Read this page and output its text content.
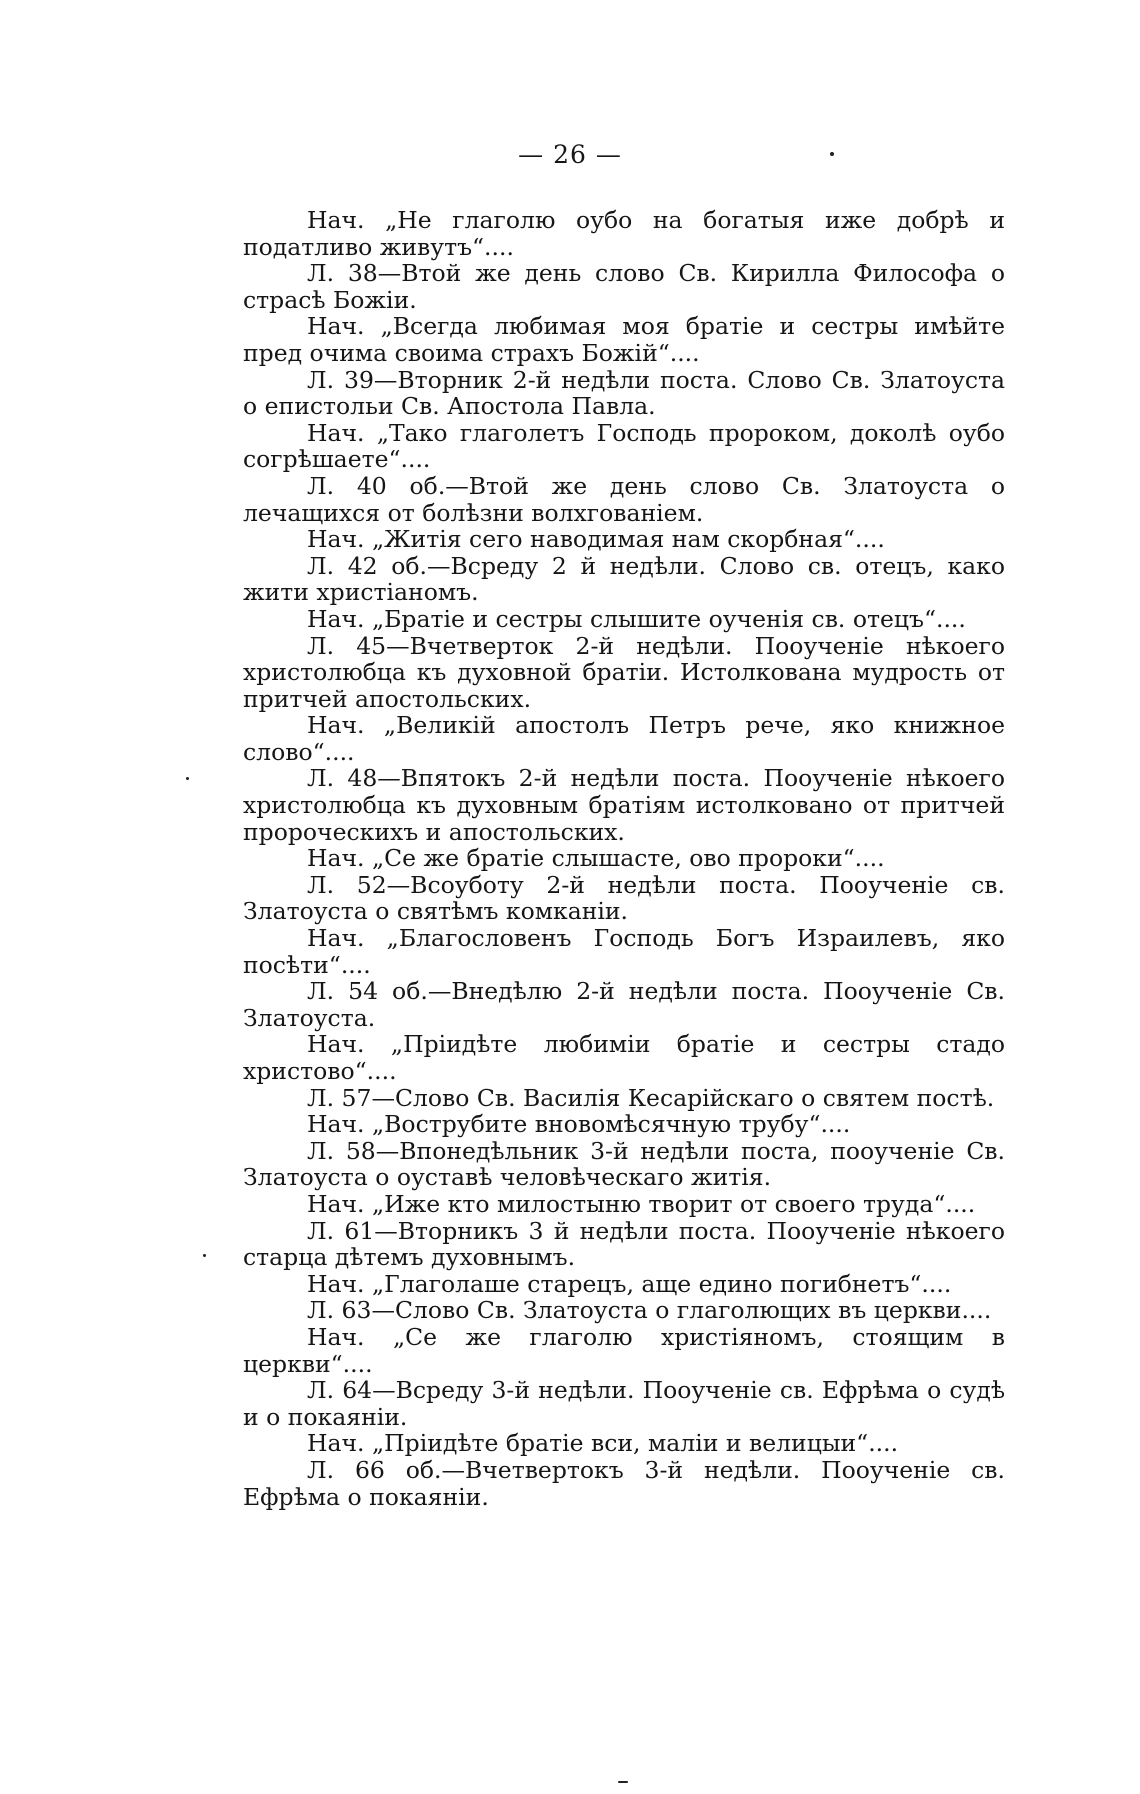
— 26 —

Нач. „Не глаголю оубо на богатыя иже добрѣ и податливо живутъ“....

Л. 38—Втой же день слово Св. Кирилла Философа о страсѣ Божіи.

Нач. „Всегда любимая моя братіе и сестры имѣйте пред очима своима страхъ Божій“....

Л. 39—Вторник 2-й недѣли поста. Слово Св. Златоуста о епистольи Св. Апостола Павла.

Нач. „Тако глаголетъ Господь пророком, доколѣ оубо согрѣшаете“....

Л. 40 об.—Втой же день слово Св. Златоуста о лечащихся от болѣзни волхгованіем.

Нач. „Житія сего наводимая нам скорбная“....

Л. 42 об.—Всреду 2 й недѣли. Слово св. отецъ, како жити христіаномъ.

Нач. „Братіе и сестры слышите оученія св. отецъ“....

Л. 45—Вчетверток 2-й недѣли. Пооученіе нѣкоего христолюбца къ духовной братіи. Истолкована мудрость от притчей апостольских.

Нач. „Великій апостолъ Петръ рече, яко книжное слово“....

Л. 48—Впятокъ 2-й недѣли поста. Пооученіе нѣкоего христолюбца къ духовным братіям истолковано от притчей пророческихъ и апостольских.

Нач. „Се же братіе слышасте, ово пророки“....

Л. 52—Всоуботу 2-й недѣли поста. Пооученіе св. Златоуста о святѣмъ комканіи.

Нач. „Благословенъ Господь Богъ Израилевъ, яко посѣти“....

Л. 54 об.—Внедѣлю 2-й недѣли поста. Пооученіе Св. Златоуста.

Нач. „Пріидѣте любиміи братіе и сестры стадо христово“....

Л. 57—Слово Св. Василія Кесарійскаго о святем постѣ.

Нач. „Вострубите вновомѣсячную трубу“....

Л. 58—Впонедѣльник 3-й недѣли поста, пооученіе Св. Златоуста о оуставѣ человѣческаго житія.

Нач. „Иже кто милостыню творит от своего труда“....

Л. 61—Вторникъ 3 й недѣли поста. Пооученіе нѣкоего старца дѣтемъ духовнымъ.

Нач. „Глаголаше старецъ, аще едино погибнетъ“....

Л. 63—Слово Св. Златоуста о глаголющих въ церкви....

Нач. „Се же глаголю христіяномъ, стоящим в церкви“....

Л. 64—Всреду 3-й недѣли. Пооученіе св. Ефрѣма о судѣ и о покаяніи.

Нач. „Пріидѣте братіе вси, маліи и велицыи“....

Л. 66 об.—Вчетвертокъ 3-й недѣли. Пооученіе св. Ефрѣма о покаяніи.
